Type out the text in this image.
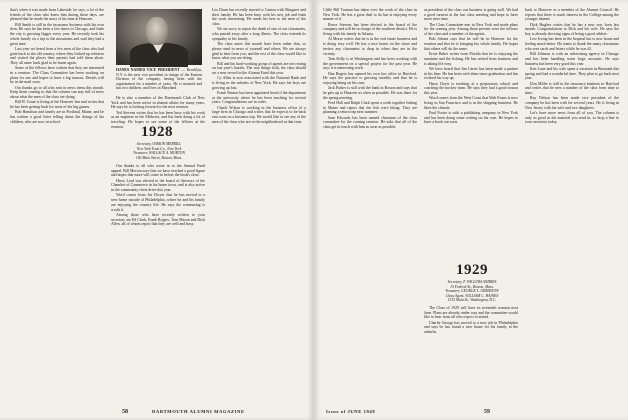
that's when it was made from Lakeside, he says, a lot of the friends of the class who knew him during those days, are pleased that he made the most of his time at Hanover.

Bill Smith is still in the insurance business with his own firm. He says he has been a few times to Chicago, and finds the city is growing bigger every year. He recently took his whole family on a trip to the mountains and said they had a great time.

Last year we heard from a few men of the class who had gone back to the old country, where they looked up relatives and visited the places their parents had told them about. They all came back glad to be home again.

Some of the fellows have written that they are interested in a reunion. The Class Committee has been working on plans for one and hopes to have a big turnout. Details will be in the mail soon.

Our thanks go to all who sent in news items this month. Keep them coming so that the column can stay full of news about what the men of the class are doing.

Bill H. Grant is living at the Hanover Inn and writes that he has been getting back for most of the big games.

Bob Hamilton and family are in Portland, Maine, and he has written a good letter telling about the doings of his children, who are now in school.

HANES NAMED VICE PRESIDENT — Brooklyn, N.Y. is the new vice president in charge of the Eastern Division of the company, having been with the organization for a number of years. He is married and has two children, and lives in Maryland.

He is also a member of the Dartmouth Club of New York and has been active in alumni affairs for many years. He says he is looking forward to the next reunion.

Ted Stevens writes that he has been busy with his work as an engineer in the Midwest, and has been doing a lot of traveling. He hopes to see some of the fellows at the reunion.	1928
Secretary, OSMON MERRILL
New York Trust Co., New York
Treasurer, WALLACE A. MORTON
100 Main Street, Boston, Mass.

Our thanks to all who wrote in to the Annual Fund appeal. Bill Morton says that we have reached a good figure and hopes that more will come in before the books close.

Harry Lord was elected to the board of directors of the Chamber of Commerce in his home town, and is also active in the community chest drive this year.

Word comes from Joe Dwyer that he has moved to a new home outside of Philadelphia, where he and his family are enjoying the country life. He says the commuting is worth it.

Among those who have recently written to your secretary are Ed Clark, Frank Rogers, Tom Mason and Dick Allen, all of whom report that they are well and busy.

Leo Dunn has recently moved to Canton with Margaret and their family. He has been busy with his new job and finds the work interesting. He sends his best to the men of the class.

We are sorry to report the death of one of our classmates, who passed away after a long illness. The class extends its sympathy to his family.

The class notes this month have been rather thin, so please send in news of yourself and others. We are always glad to hear from you, and the rest of the class would like to know what you are doing.

Bill and his hard-working group of agents are not resting on last year's laurels. The way things look, the class should set a new record in the Alumni Fund this year.

Cy Allen is now associated with the National Bank and is living in the suburbs of New York. He says his boys are growing up fast.

Frank Warner has been appointed head of the department at the university where he has been teaching for several years. Congratulations are in order.

Chuck Wilson is working in the business office of a large firm in Chicago and writes that he expects to be back east soon on a business trip. He would like to see any of the men of the class who are in the neighborhood at that time.

58	DARTMOUTH ALUMNI MAGAZINE

Cliffe Bill Truman has taken over the work of the class in New York. He has a great deal to do but is enjoying every minute of it.

Bruce Stevens has been elected to the board of the company and will be in charge of the southern district. He is living with his family in Atlanta.

Al Morse writes that he is in the real estate business and is doing very well. He has a nice home on the shore and invites any classmates to drop in when they are in the vicinity.

Tom Kelly is in Washington and has been working with the government on a special project for the past year. He says it is interesting work.

Dan Rogers has opened his own law office in Hartford. He says the practice is growing steadily and that he is enjoying being on his own.

Jack Parker is still with the bank in Boston and says that he gets up to Hanover as often as possible. He was there for the spring meeting.

Fred Hall and Ralph Clark spent a week together fishing in Maine and report that the fish were biting. They are planning a return trip next summer.

Sam Edwards has been named chairman of the class committee for the coming reunion. He asks that all of the class get in touch with him as soon as possible.

as president of the class our business is going well. We had a good turnout at the last class meeting and hope to have more next time.

The Class Committee met in New York and made plans for the coming year. Among those present were the officers of the class and a number of the agents.

Bob Adams says that he will be in Hanover for the reunion and that he is bringing his whole family. He hopes that others will do the same.

Ernie Baker writes from Florida that he is enjoying the sunshine and the fishing. He has retired from business and is taking life easy.

We have heard that Jim Carter has been made a partner in his firm. He has been with them since graduation and has worked his way up.

Harry Davis is teaching at a preparatory school and coaching the hockey team. He says they had a good season this year.

Word comes from the West Coast that Walt Evans is now living in San Francisco and is in the shipping business. He likes the climate.

Paul Foster is with a publishing company in New York and has been doing some writing on his own. He hopes to have a book out soon.

1929
Secretary, F. WILLIAM ANDRES
15 Federal St., Boston, Mass.
Treasurer, GEORGE L. ORMISTON
Class Agent, WILLIAM C. HAINES
1515 Main St., Washington, D.C.

The Class of 1929 will have its twentieth reunion next June. Plans are already under way and the committee would like to hear from all who expect to attend.

Charlie George has moved to a new job in Philadelphia and says he has found a nice house for his family in the suburbs.

back to Hanover as a member of the Alumni Council. He reports that there is much interest in the College among the younger alumni.

Dick Hughes writes that he has a new son, born last month. Congratulations to Dick and his wife. He says the boy is already showing signs of being a good athlete.

Lew Irving has been in the hospital but is now home and feeling much better. He wants to thank the many classmates who sent cards and letters while he was ill.

Bill Johnson is with an advertising agency in Chicago and has been handling some large accounts. He says business has been very good this year.

Ken Lane and his wife spent a vacation in Bermuda this spring and had a wonderful time. They plan to go back next year.

Don Miller is still in the insurance business in Hartford and writes that he sees a number of the class from time to time.

Ray Nelson has been made vice president of the company he has been with for several years. He is living in New Jersey with his wife and two daughters.

Let's have more news from all of you. The column is only as good as the material you send in, so drop a line to your secretary today.

Issue of JUNE 1948	59
